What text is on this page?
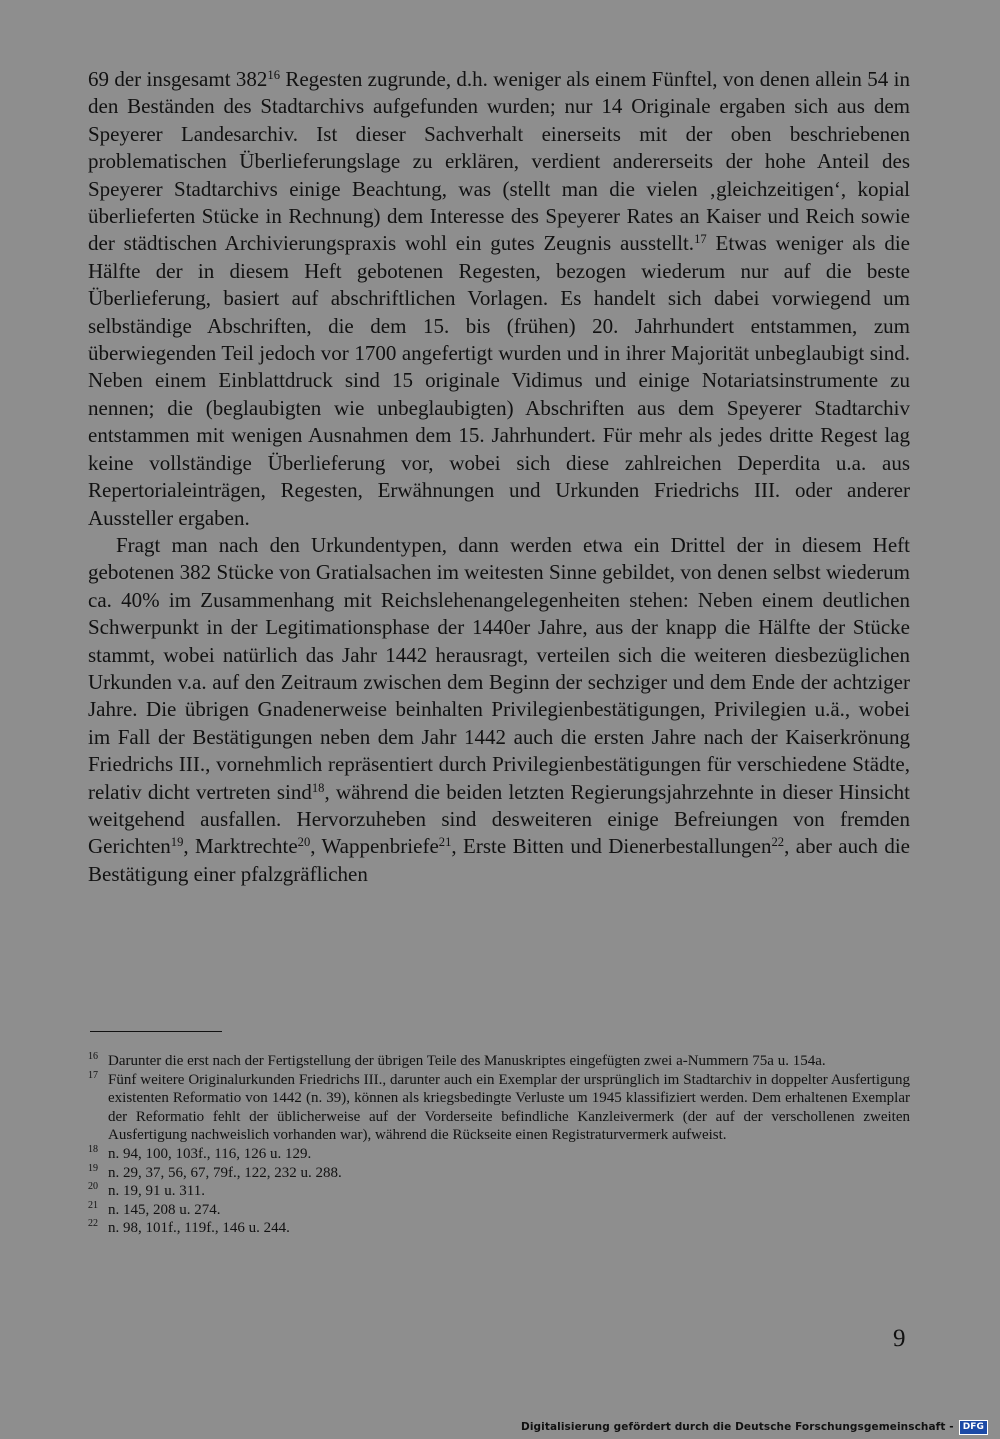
69 der insgesamt $382^{16}$ Regesten zugrunde, d.h. weniger als einem Fünftel, von denen allein 54 in den Beständen des Stadtarchivs aufgefunden wurden; nur 14 Originale ergaben sich aus dem Speyerer Landesarchiv. Ist dieser Sachverhalt einerseits mit der oben beschriebenen problematischen Überlieferungslage zu erklären, verdient andererseits der hohe Anteil des Speyerer Stadtarchivs einige Beachtung, was (stellt man die vielen ‚gleichzeitigen‘, kopial überlieferten Stücke in Rechnung) dem Interesse des Speyerer Rates an Kaiser und Reich sowie der städtischen Archivierungspraxis wohl ein gutes Zeugnis ausstellt.$^{17}$ Etwas weniger als die Hälfte der in diesem Heft gebotenen Regesten, bezogen wiederum nur auf die beste Überlieferung, basiert auf abschriftlichen Vorlagen. Es handelt sich dabei vorwiegend um selbständige Abschriften, die dem 15. bis (frühen) 20. Jahrhundert entstammen, zum überwiegenden Teil jedoch vor 1700 angefertigt wurden und in ihrer Majorität unbeglaubigt sind. Neben einem Einblattdruck sind 15 originale Vidimus und einige Notariatsinstrumente zu nennen; die (beglaubigten wie unbeglaubigten) Abschriften aus dem Speyerer Stadtarchiv entstammen mit wenigen Ausnahmen dem 15. Jahrhundert. Für mehr als jedes dritte Regest lag keine vollständige Überlieferung vor, wobei sich diese zahlreichen Deperdita u.a. aus Repertorialeinträgen, Regesten, Erwähnungen und Urkunden Friedrichs III. oder anderer Aussteller ergaben.

Fragt man nach den Urkundentypen, dann werden etwa ein Drittel der in diesem Heft gebotenen 382 Stücke von Gratialsachen im weitesten Sinne gebildet, von denen selbst wiederum ca. 40% im Zusammenhang mit Reichslehenangelegenheiten stehen: Neben einem deutlichen Schwerpunkt in der Legitimationsphase der 1440er Jahre, aus der knapp die Hälfte der Stücke stammt, wobei natürlich das Jahr 1442 herausragt, verteilen sich die weiteren diesbezüglichen Urkunden v.a. auf den Zeitraum zwischen dem Beginn der sechziger und dem Ende der achtziger Jahre. Die übrigen Gnadenerweise beinhalten Privilegienbestätigungen, Privilegien u.ä., wobei im Fall der Bestätigungen neben dem Jahr 1442 auch die ersten Jahre nach der Kaiserkrönung Friedrichs III., vornehmlich repräsentiert durch Privilegienbestätigungen für verschiedene Städte, relativ dicht vertreten sind$^{18}$, während die beiden letzten Regierungsjahrzehnte in dieser Hinsicht weitgehend ausfallen. Hervorzuheben sind desweiteren einige Befreiungen von fremden Gerichten$^{19}$, Marktrechte$^{20}$, Wappenbriefe$^{21}$, Erste Bitten und Dienerbestallungen$^{22}$, aber auch die Bestätigung einer pfalzgräflichen

16 Darunter die erst nach der Fertigstellung der übrigen Teile des Manuskriptes eingefügten zwei a-Nummern 75a u. 154a.

17 Fünf weitere Originalurkunden Friedrichs III., darunter auch ein Exemplar der ursprünglich im Stadtarchiv in doppelter Ausfertigung existenten Reformatio von 1442 (n. 39), können als kriegsbedingte Verluste um 1945 klassifiziert werden. Dem erhaltenen Exemplar der Reformatio fehlt der üblicherweise auf der Vorderseite befindliche Kanzleivermerk (der auf der verschollenen zweiten Ausfertigung nachweislich vorhanden war), während die Rückseite einen Registraturvermerk aufweist.

18 n. 94, 100, 103f., 116, 126 u. 129.

19 n. 29, 37, 56, 67, 79f., 122, 232 u. 288.

20 n. 19, 91 u. 311.

21 n. 145, 208 u. 274.

22 n. 98, 101f., 119f., 146 u. 244.

9
Digitalisierung gefördert durch die Deutsche Forschungsgemeinschaft -	DFG
